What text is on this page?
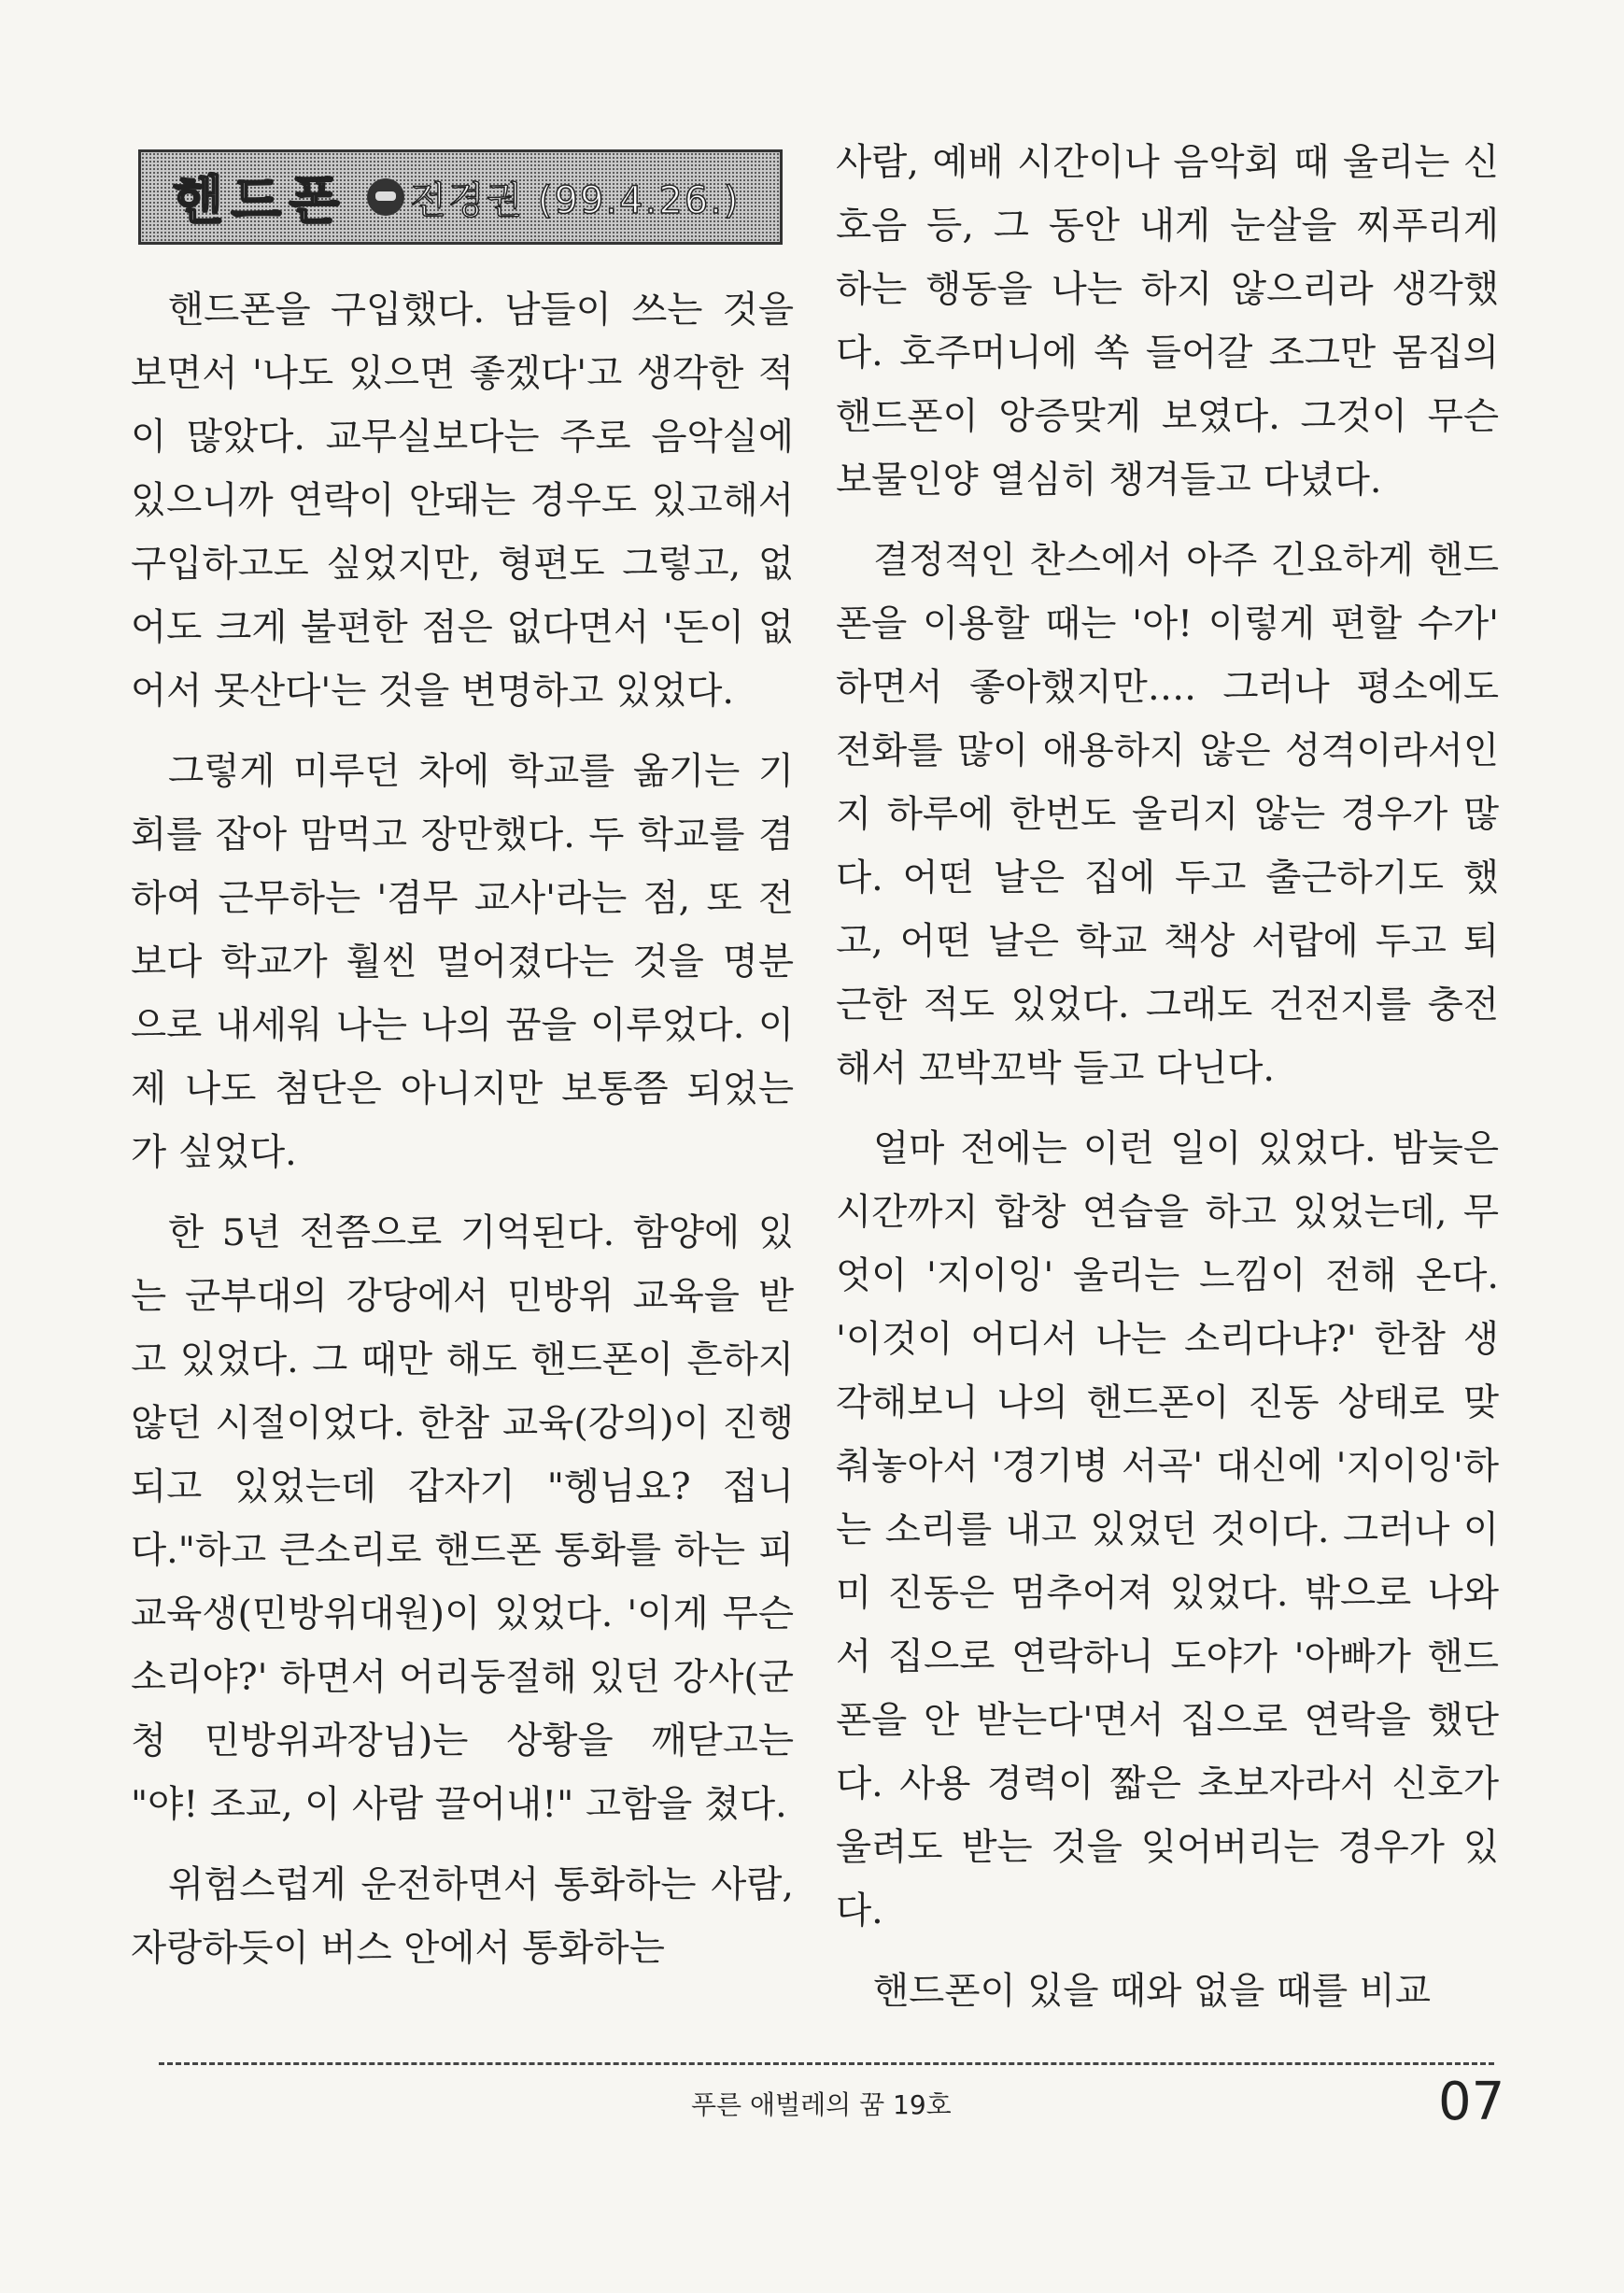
핸드폰 전경권 (99.4.26.)

핸드폰을 구입했다. 남들이 쓰는 것을 보면서 '나도 있으면 좋겠다'고 생각한 적이 많았다. 교무실보다는 주로 음악실에 있으니까 연락이 안돼는 경우도 있고해서 구입하고도 싶었지만, 형편도 그렇고, 없어도 크게 불편한 점은 없다면서 '돈이 없어서 못산다'는 것을 변명하고 있었다.

그렇게 미루던 차에 학교를 옮기는 기회를 잡아 맘먹고 장만했다. 두 학교를 겸하여 근무하는 '겸무 교사'라는 점, 또 전보다 학교가 훨씬 멀어졌다는 것을 명분으로 내세워 나는 나의 꿈을 이루었다. 이제 나도 첨단은 아니지만 보통쯤 되었는가 싶었다.

한 5년 전쯤으로 기억된다. 함양에 있는 군부대의 강당에서 민방위 교육을 받고 있었다. 그 때만 해도 핸드폰이 흔하지 않던 시절이었다. 한참 교육(강의)이 진행되고 있었는데 갑자기 "헹님요? 접니다."하고 큰소리로 핸드폰 통화를 하는 피교육생(민방위대원)이 있었다. '이게 무슨 소리야?' 하면서 어리둥절해 있던 강사(군청 민방위과장님)는 상황을 깨닫고는 "야! 조교, 이 사람 끌어내!" 고함을 쳤다.

위험스럽게 운전하면서 통화하는 사람, 자랑하듯이 버스 안에서 통화하는

사람, 예배 시간이나 음악회 때 울리는 신호음 등, 그 동안 내게 눈살을 찌푸리게 하는 행동을 나는 하지 않으리라 생각했다. 호주머니에 쏙 들어갈 조그만 몸집의 핸드폰이 앙증맞게 보였다. 그것이 무슨 보물인양 열심히 챙겨들고 다녔다.

결정적인 찬스에서 아주 긴요하게 핸드폰을 이용할 때는 '아! 이렇게 편할 수가' 하면서 좋아했지만…. 그러나 평소에도 전화를 많이 애용하지 않은 성격이라서인지 하루에 한번도 울리지 않는 경우가 많다. 어떤 날은 집에 두고 출근하기도 했고, 어떤 날은 학교 책상 서랍에 두고 퇴근한 적도 있었다. 그래도 건전지를 충전해서 꼬박꼬박 들고 다닌다.

얼마 전에는 이런 일이 있었다. 밤늦은 시간까지 합창 연습을 하고 있었는데, 무엇이 '지이잉' 울리는 느낌이 전해 온다. '이것이 어디서 나는 소리다냐?' 한참 생각해보니 나의 핸드폰이 진동 상태로 맞춰놓아서 '경기병 서곡' 대신에 '지이잉'하는 소리를 내고 있었던 것이다. 그러나 이미 진동은 멈추어져 있었다. 밖으로 나와서 집으로 연락하니 도야가 '아빠가 핸드폰을 안 받는다'면서 집으로 연락을 했단다. 사용 경력이 짧은 초보자라서 신호가 울려도 받는 것을 잊어버리는 경우가 있다.

핸드폰이 있을 때와 없을 때를 비교

푸른 애벌레의 꿈 19호	07
